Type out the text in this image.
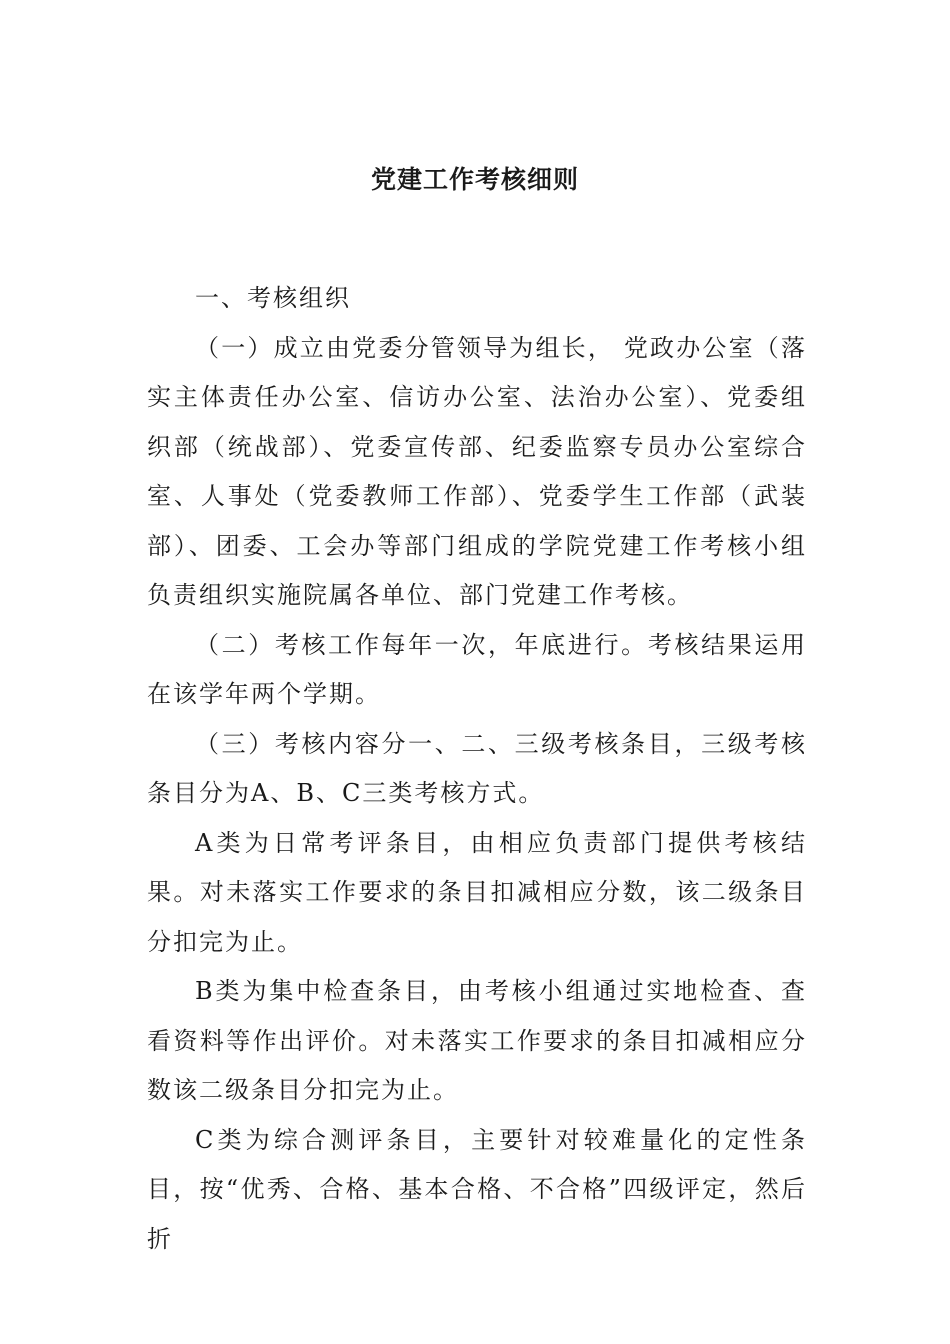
党建工作考核细则

一、考核组织

（一）成立由党委分管领导为组长， 党政办公室（落实主体责任办公室、信访办公室、法治办公室）、党委组织部（统战部）、党委宣传部、纪委监察专员办公室综合室、人事处（党委教师工作部）、党委学生工作部（武装部）、团委、工会办等部门组成的学院党建工作考核小组负责组织实施院属各单位、部门党建工作考核。

（二）考核工作每年一次，年底进行。考核结果运用在该学年两个学期。

（三）考核内容分一、二、三级考核条目，三级考核条目分为A、B、C三类考核方式。

A类为日常考评条目，由相应负责部门提供考核结果。对未落实工作要求的条目扣减相应分数，该二级条目分扣完为止。

B类为集中检查条目，由考核小组通过实地检查、查看资料等作出评价。对未落实工作要求的条目扣减相应分数该二级条目分扣完为止。

C类为综合测评条目，主要针对较难量化的定性条目，按“优秀、合格、基本合格、不合格”四级评定，然后折
